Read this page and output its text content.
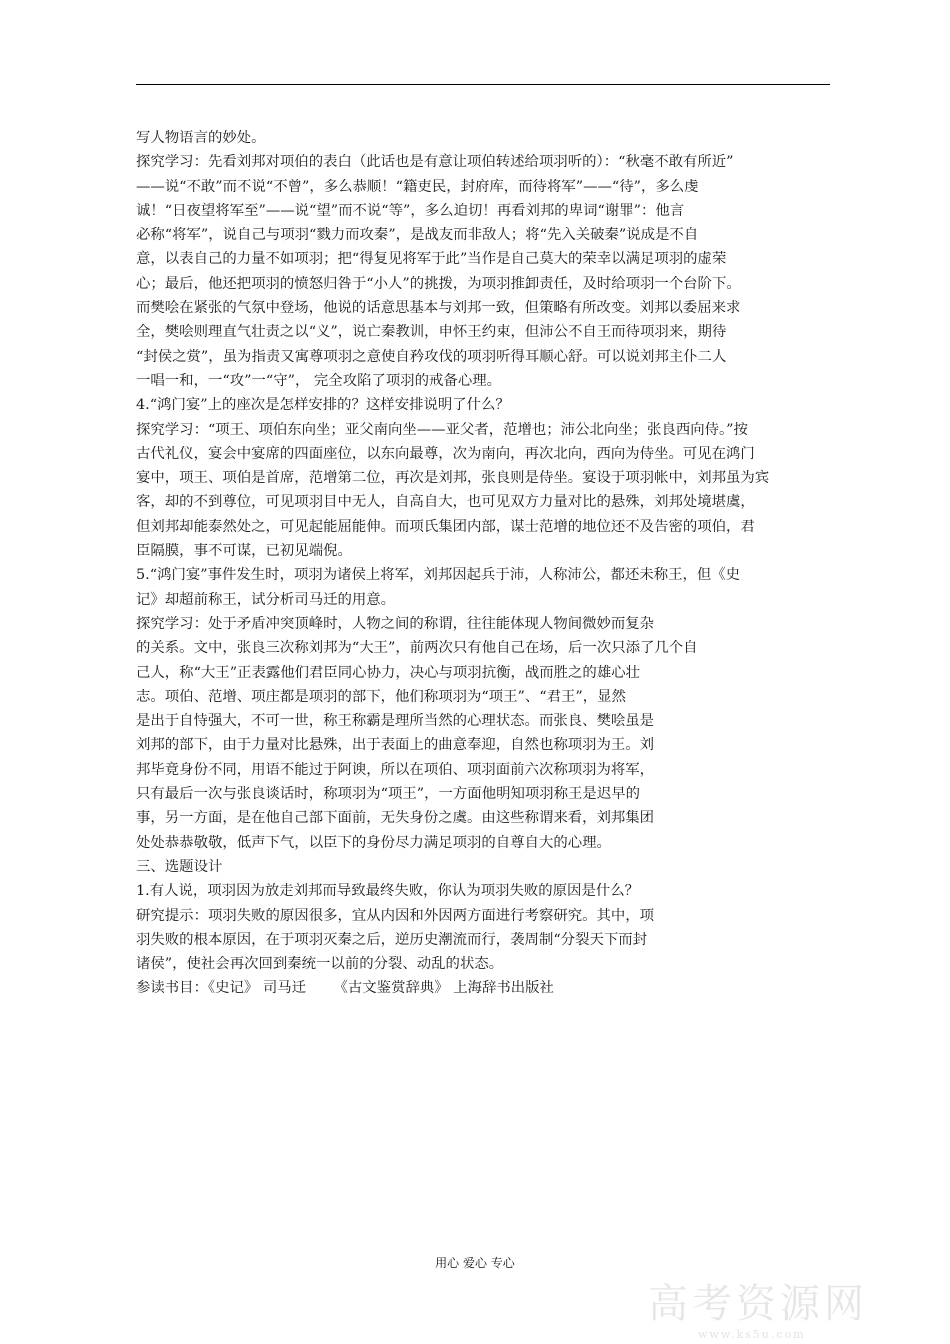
写人物语言的妙处。
探究学习：先看刘邦对项伯的表白（此话也是有意让项伯转述给项羽听的）：“秋毫不敢有所近”
——说“不敢”而不说“不曾”，多么恭顺！“籍吏民，封府库，而待将军”——“待”，多么虔
诚！“日夜望将军至”——说“望”而不说“等”，多么迫切！再看刘邦的卑词“谢罪”：他言
必称“将军”，说自己与项羽“戮力而攻秦”，是战友而非敌人；将“先入关破秦”说成是不自
意，以表自己的力量不如项羽；把“得复见将军于此”当作是自己莫大的荣幸以满足项羽的虚荣
心；最后，他还把项羽的愤怒归咎于“小人”的挑拨，为项羽推卸责任，及时给项羽一个台阶下。
而樊哙在紧张的气氛中登场，他说的话意思基本与刘邦一致，但策略有所改变。刘邦以委屈来求
全，樊哙则理直气壮责之以“义”，说亡秦教训，申怀王约束，但沛公不自王而待项羽来，期待
“封侯之赏”，虽为指责又寓尊项羽之意使自矜攻伐的项羽听得耳顺心舒。可以说刘邦主仆二人
一唱一和，一“攻”一“守”， 完全攻陷了项羽的戒备心理。
4.“鸿门宴”上的座次是怎样安排的？这样安排说明了什么？
探究学习：“项王、项伯东向坐；亚父南向坐——亚父者，范增也；沛公北向坐；张良西向侍。”按
古代礼仪，宴会中宴席的四面座位，以东向最尊，次为南向，再次北向，西向为侍坐。可见在鸿门
宴中，项王、项伯是首席，范增第二位，再次是刘邦，张良则是侍坐。宴设于项羽帐中，刘邦虽为宾
客，却的不到尊位，可见项羽目中无人，自高自大，也可见双方力量对比的悬殊，刘邦处境堪虞，
但刘邦却能泰然处之，可见起能屈能伸。而项氏集团内部，谋士范增的地位还不及告密的项伯，君
臣隔膜，事不可谋，已初见端倪。
5.“鸿门宴”事件发生时，项羽为诸侯上将军，刘邦因起兵于沛，人称沛公，都还未称王，但《史
记》却超前称王，试分析司马迁的用意。
探究学习：处于矛盾冲突顶峰时，人物之间的称谓，往往能体现人物间微妙而复杂
的关系。文中，张良三次称刘邦为“大王”，前两次只有他自己在场，后一次只添了几个自
己人，称“大王”正表露他们君臣同心协力，决心与项羽抗衡，战而胜之的雄心壮
志。项伯、范增、项庄都是项羽的部下，他们称项羽为“项王”、“君王”，显然
是出于自恃强大，不可一世，称王称霸是理所当然的心理状态。而张良、樊哙虽是
刘邦的部下，由于力量对比悬殊，出于表面上的曲意奉迎，自然也称项羽为王。刘
邦毕竟身份不同，用语不能过于阿谀，所以在项伯、项羽面前六次称项羽为将军，
只有最后一次与张良谈话时，称项羽为“项王”，一方面他明知项羽称王是迟早的
事，另一方面，是在他自己部下面前，无失身份之虞。由这些称谓来看，刘邦集团
处处恭恭敬敬，低声下气，以臣下的身份尽力满足项羽的自尊自大的心理。
三、选题设计
1.有人说，项羽因为放走刘邦而导致最终失败，你认为项羽失败的原因是什么？
研究提示：项羽失败的原因很多，宜从内因和外因两方面进行考察研究。其中，项
羽失败的根本原因，在于项羽灭秦之后，逆历史潮流而行，袭周制“分裂天下而封
诸侯”，使社会再次回到秦统一以前的分裂、动乱的状态。
参读书目：《史记》 司马迁      《古文鉴赏辞典》 上海辞书出版社
用心 爱心 专心
高考资源网
www.ks5u.com
